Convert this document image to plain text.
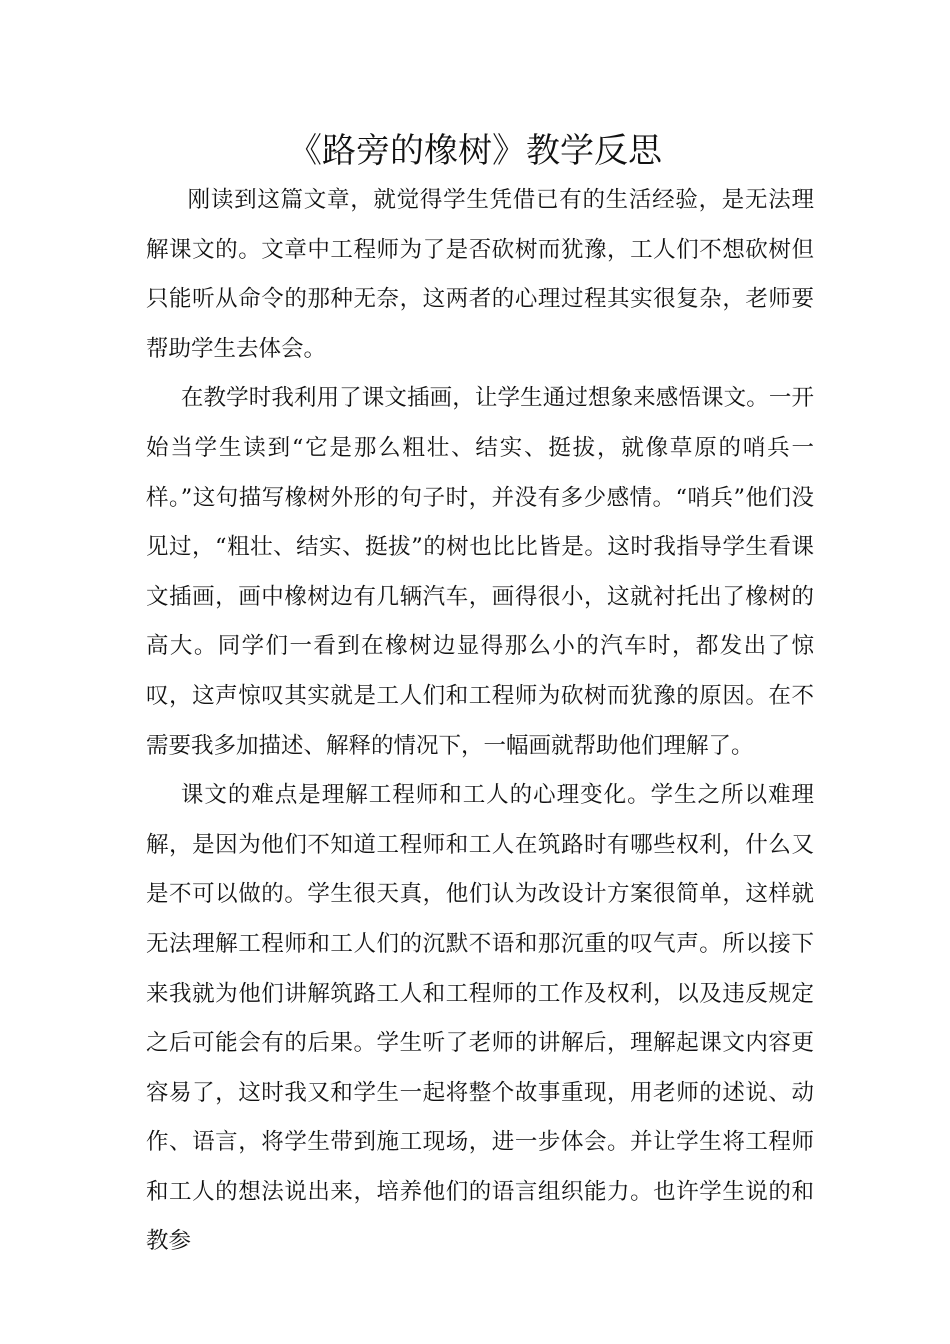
《路旁的橡树》教学反思

刚读到这篇文章，就觉得学生凭借已有的生活经验，是无法理解课文的。文章中工程师为了是否砍树而犹豫，工人们不想砍树但只能听从命令的那种无奈，这两者的心理过程其实很复杂，老师要帮助学生去体会。

在教学时我利用了课文插画，让学生通过想象来感悟课文。一开始当学生读到“它是那么粗壮、结实、挺拔，就像草原的哨兵一样。”这句描写橡树外形的句子时，并没有多少感情。“哨兵”他们没见过，“粗壮、结实、挺拔”的树也比比皆是。这时我指导学生看课文插画，画中橡树边有几辆汽车，画得很小，这就衬托出了橡树的高大。同学们一看到在橡树边显得那么小的汽车时，都发出了惊叹，这声惊叹其实就是工人们和工程师为砍树而犹豫的原因。在不需要我多加描述、解释的情况下，一幅画就帮助他们理解了。

课文的难点是理解工程师和工人的心理变化。学生之所以难理解，是因为他们不知道工程师和工人在筑路时有哪些权利，什么又是不可以做的。学生很天真，他们认为改设计方案很简单，这样就无法理解工程师和工人们的沉默不语和那沉重的叹气声。所以接下来我就为他们讲解筑路工人和工程师的工作及权利，以及违反规定之后可能会有的后果。学生听了老师的讲解后，理解起课文内容更容易了，这时我又和学生一起将整个故事重现，用老师的述说、动作、语言，将学生带到施工现场，进一步体会。并让学生将工程师和工人的想法说出来，培养他们的语言组织能力。也许学生说的和教参
